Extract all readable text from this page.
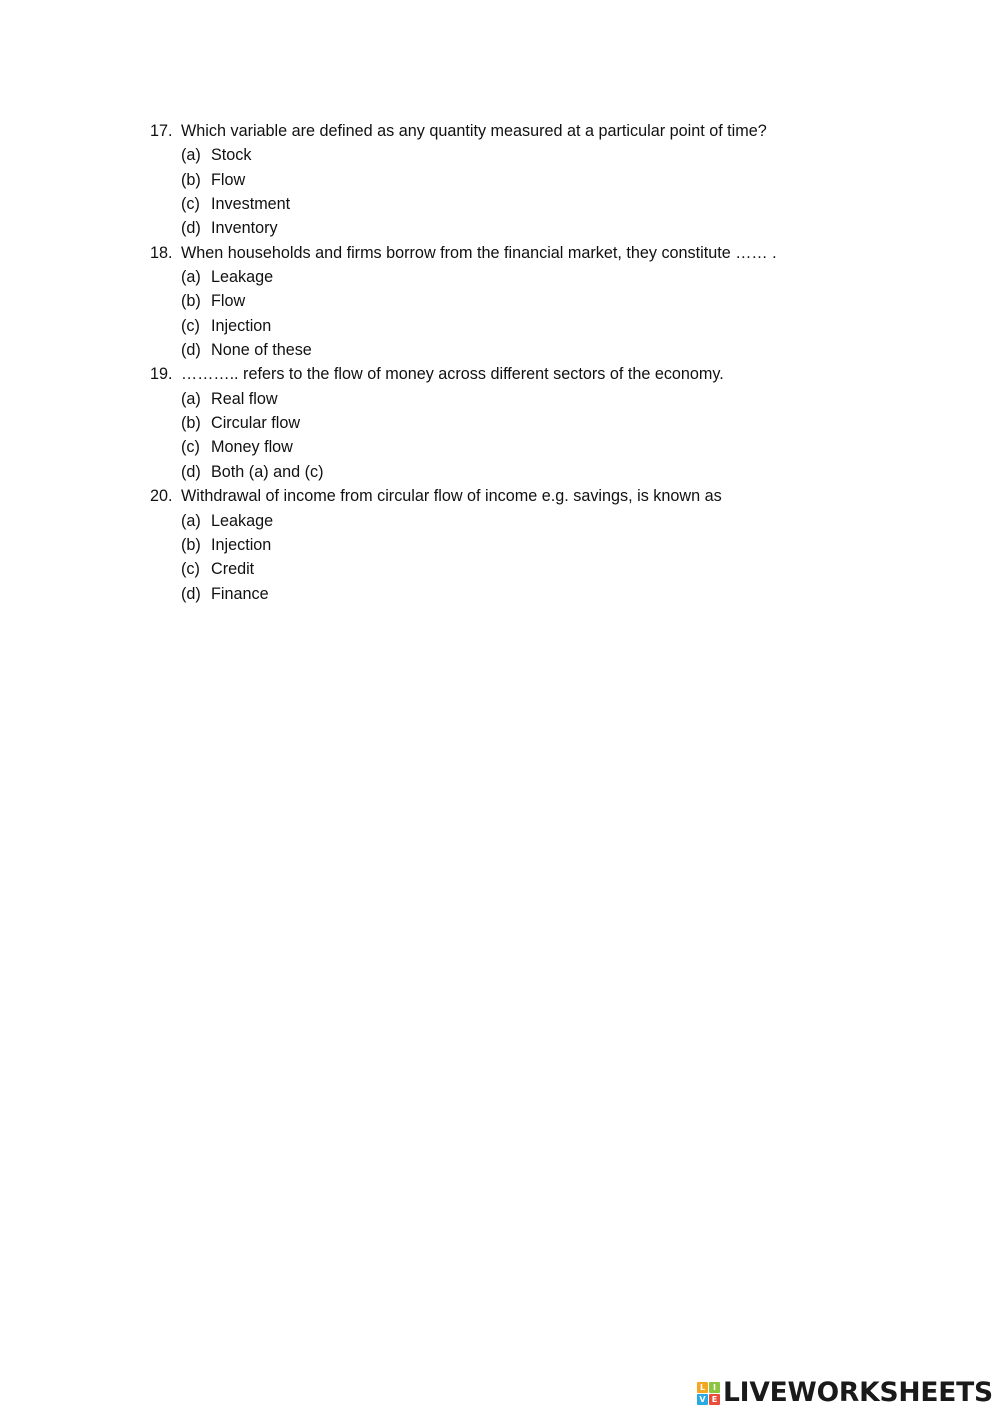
17. Which variable are defined as any quantity measured at a particular point of time?
(a) Stock
(b) Flow
(c) Investment
(d) Inventory
18. When households and firms borrow from the financial market, they constitute …… .
(a) Leakage
(b) Flow
(c) Injection
(d) None of these
19. ……….. refers to the flow of money across different sectors of the economy.
(a) Real flow
(b) Circular flow
(c) Money flow
(d) Both (a) and (c)
20. Withdrawal of income from circular flow of income e.g. savings, is known as
(a) Leakage
(b) Injection
(c) Credit
(d) Finance
L I
V E LIVEWORKSHEETS
